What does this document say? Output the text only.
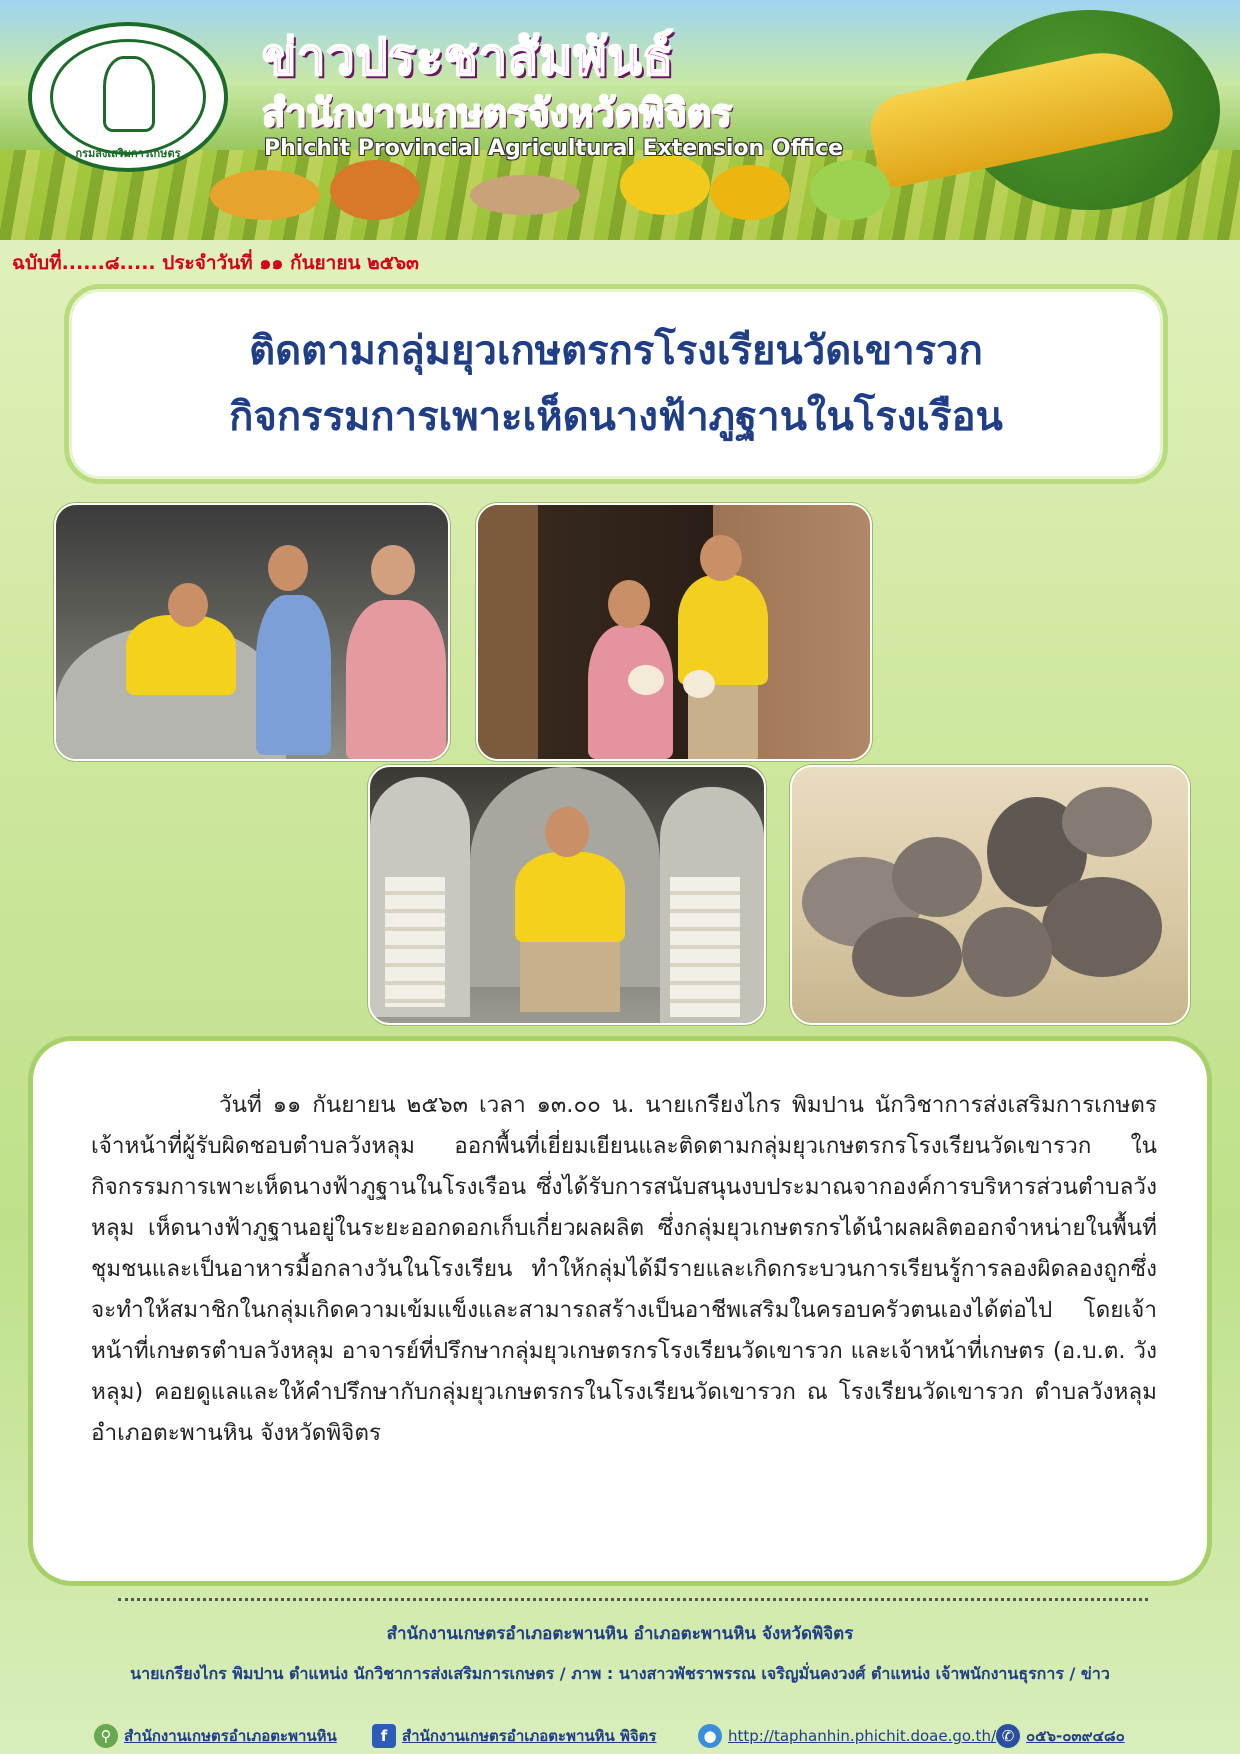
กรมส่งเสริมการเกษตร
ข่าวประชาสัมพันธ์
สำนักงานเกษตรจังหวัดพิจิตร
Phichit Provincial Agricultural Extension Office
ฉบับที่......๘..... ประจำวันที่ ๑๑ กันยายน ๒๕๖๓
ติดตามกลุ่มยุวเกษตรกรโรงเรียนวัดเขารวก
กิจกรรมการเพาะเห็ดนางฟ้าภูฐานในโรงเรือน

วันที่ ๑๑ กันยายน ๒๕๖๓ เวลา ๑๓.๐๐ น. นายเกรียงไกร พิมปาน นักวิชาการส่งเสริมการเกษตร เจ้าหน้าที่ผู้รับผิดชอบตำบลวังหลุม ออกพื้นที่เยี่ยมเยียนและติดตามกลุ่มยุวเกษตรกรโรงเรียนวัดเขารวก ในกิจกรรมการเพาะเห็ดนางฟ้าภูฐานในโรงเรือน ซึ่งได้รับการสนับสนุนงบประมาณจากองค์การบริหารส่วนตำบลวังหลุม เห็ดนางฟ้าภูฐานอยู่ในระยะออกดอกเก็บเกี่ยวผลผลิต ซึ่งกลุ่มยุวเกษตรกรได้นำผลผลิตออกจำหน่ายในพื้นที่ชุมชนและเป็นอาหารมื้อกลางวันในโรงเรียน ทำให้กลุ่มได้มีรายและเกิดกระบวนการเรียนรู้การลองผิดลองถูกซึ่งจะทำให้สมาชิกในกลุ่มเกิดความเข้มแข็งและสามารถสร้างเป็นอาชีพเสริมในครอบครัวตนเองได้ต่อไป โดยเจ้าหน้าที่เกษตรตำบลวังหลุม อาจารย์ที่ปรึกษากลุ่มยุวเกษตรกรโรงเรียนวัดเขารวก และเจ้าหน้าที่เกษตร (อ.บ.ต. วังหลุม) คอยดูแลและให้คำปรึกษากับกลุ่มยุวเกษตรกรในโรงเรียนวัดเขารวก ณ โรงเรียนวัดเขารวก ตำบลวังหลุม อำเภอตะพานหิน จังหวัดพิจิตร

สำนักงานเกษตรอำเภอตะพานหิน อำเภอตะพานหิน จังหวัดพิจิตร
นายเกรียงไกร พิมปาน ตำแหน่ง นักวิชาการส่งเสริมการเกษตร / ภาพ : นางสาวพัชราพรรณ เจริญมั่นคงวงศ์ ตำแหน่ง เจ้าพนักงานธุรการ / ข่าว
⚲ สำนักงานเกษตรอำเภอตะพานหิน	f สำนักงานเกษตรอำเภอตะพานหิน พิจิตร	● http://taphanhin.phichit.doae.go.th/ ✆ ๐๕๖-๐๓๙๔๘๐
